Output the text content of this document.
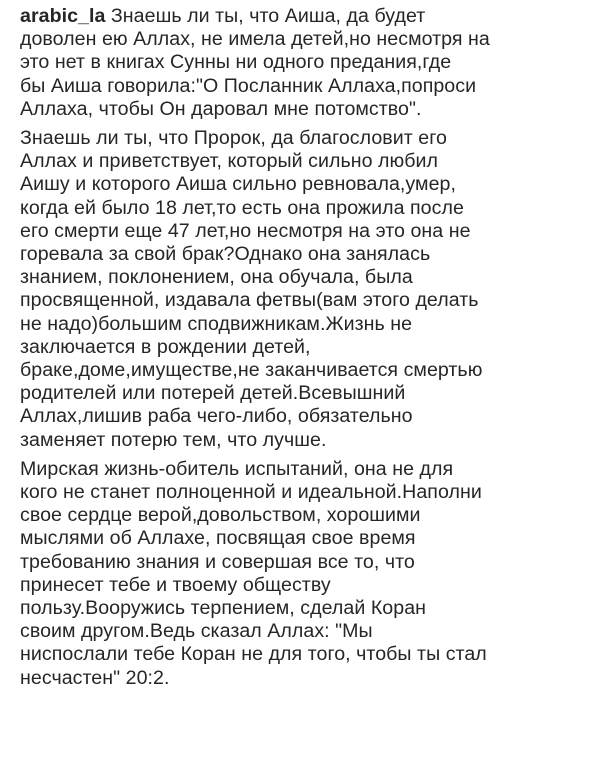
arabic_la Знаешь ли ты, что Аиша, да будет
доволен ею Аллах, не имела детей,но несмотря на
это нет в книгах Сунны ни одного предания,где
бы Аиша говорила:"О Посланник Аллаха,попроси
Аллаха, чтобы Он даровал мне потомство".
Знаешь ли ты, что Пророк, да благословит его
Аллах и приветствует, который сильно любил
Аишу и которого Аиша сильно ревновала,умер,
когда ей было 18 лет,то есть она прожила после
его смерти еще 47 лет,но несмотря на это она не
горевала за свой брак?Однако она занялась
знанием, поклонением, она обучала, была
просвященной, издавала фетвы(вам этого делать
не надо)большим сподвижникам.Жизнь не
заключается в рождении детей,
браке,доме,имуществе,не заканчивается смертью
родителей или потерей детей.Всевышний
Аллах,лишив раба чего-либо, обязательно
заменяет потерю тем, что лучше.
Мирская жизнь-обитель испытаний, она не для
кого не станет полноценной и идеальной.Наполни
свое сердце верой,довольством, хорошими
мыслями об Аллахе, посвящая свое время
требованию знания и совершая все то, что
принесет тебе и твоему обществу
пользу.Вооружись терпением, сделай Коран
своим другом.Ведь сказал Аллах: "Мы
ниспослали тебе Коран не для того, чтобы ты стал
несчастен" 20:2.
